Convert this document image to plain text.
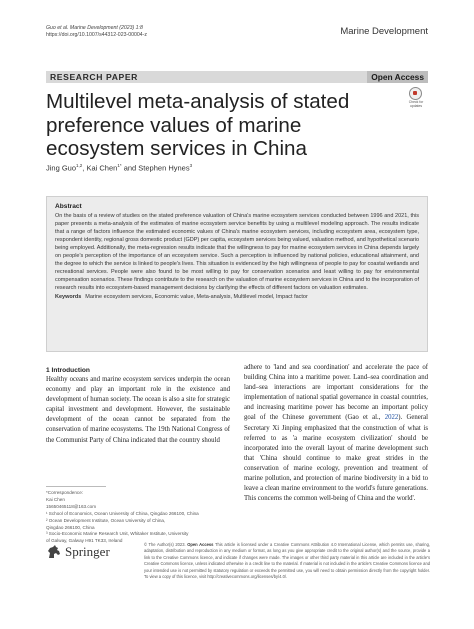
Guo et al. Marine Development (2023) 1:8
https://doi.org/10.1007/s44312-023-00004-z	Marine Development
RESEARCH PAPER	Open Access
Multilevel meta-analysis of stated preference values of marine ecosystem services in China
Check for
updates
Jing Guo$^{1,2}$, Kai Chen$^{1*}$ and Stephen Hynes$^3$
Abstract

On the basis of a review of studies on the stated preference valuation of China's marine ecosystem services conducted between 1996 and 2021, this paper presents a meta-analysis of the estimates of marine ecosystem service benefits by using a multilevel modeling approach. The results indicate that a range of factors influence the estimated economic values of China's marine ecosystem services, including ecosystem area, ecosystem type, respondent identity, regional gross domestic product (GDP) per capita, ecosystem services being valued, valuation method, and hypothetical scenario being employed. Additionally, the meta-regression results indicate that the willingness to pay for marine ecosystem services in China depends largely on people's perception of the importance of an ecosystem service. Such a perception is influenced by national policies, educational attainment, and the degree to which the service is linked to people's lives. This situation is evidenced by the high willingness of people to pay for coastal wetlands and recreational services. People were also found to be most willing to pay for conservation scenarios and least willing to pay for environmental compensation scenarios. These findings contribute to the research on the valuation of marine ecosystem services in China and to the incorporation of research results into ecosystem-based management decisions by clarifying the effects of different factors on valuation estimates.

Keywords Marine ecosystem services, Economic value, Meta-analysis, Multilevel model, Impact factor
1 Introduction
Healthy oceans and marine ecosystem services underpin the ocean economy and play an important role in the existence and development of human society. The ocean is also a site for strategic capital investment and development. However, the sustainable development of the ocean cannot be separated from the conservation of marine ecosystems. The 19th National Congress of the Communist Party of China indicated that the country should
adhere to 'land and sea coordination' and accelerate the pace of building China into a maritime power. Land–sea coordination and land–sea interactions are important considerations for the implementation of national spatial governance in coastal countries, and increasing maritime power has become an important policy goal of the Chinese government (Gao et al., 2022). General Secretary Xi Jinping emphasized that the construction of what is referred to as 'a marine ecosystem civilization' should be incorporated into the overall layout of marine development such that 'China should continue to make great strides in the conservation of marine ecology, prevention and treatment of marine pollution, and protection of marine biodiversity in a bid to leave a clean marine environment to the world's future generations. This concerns the common well-being of China and the world'.
*Correspondence:
Kai Chen
15650465118@163.com
¹ School of Economics, Ocean University of China, Qingdao 266100, China
² Ocean Development Institute, Ocean University of China,
Qingdao 266100, China
³ Socio-Economic Marine Research Unit, Whitaker Institute, University
of Galway, Galway H91 TK33, Ireland
Springer	© The Author(s) 2023. Open Access This article is licensed under a Creative Commons Attribution 4.0 International License, which permits use, sharing, adaptation, distribution and reproduction in any medium or format, as long as you give appropriate credit to the original author(s) and the source, provide a link to the Creative Commons licence, and indicate if changes were made. The images or other third party material in this article are included in the article's Creative Commons licence, unless indicated otherwise in a credit line to the material. If material is not included in the article's Creative Commons licence and your intended use is not permitted by statutory regulation or exceeds the permitted use, you will need to obtain permission directly from the copyright holder. To view a copy of this licence, visit http://creativecommons.org/licenses/by/4.0/.
